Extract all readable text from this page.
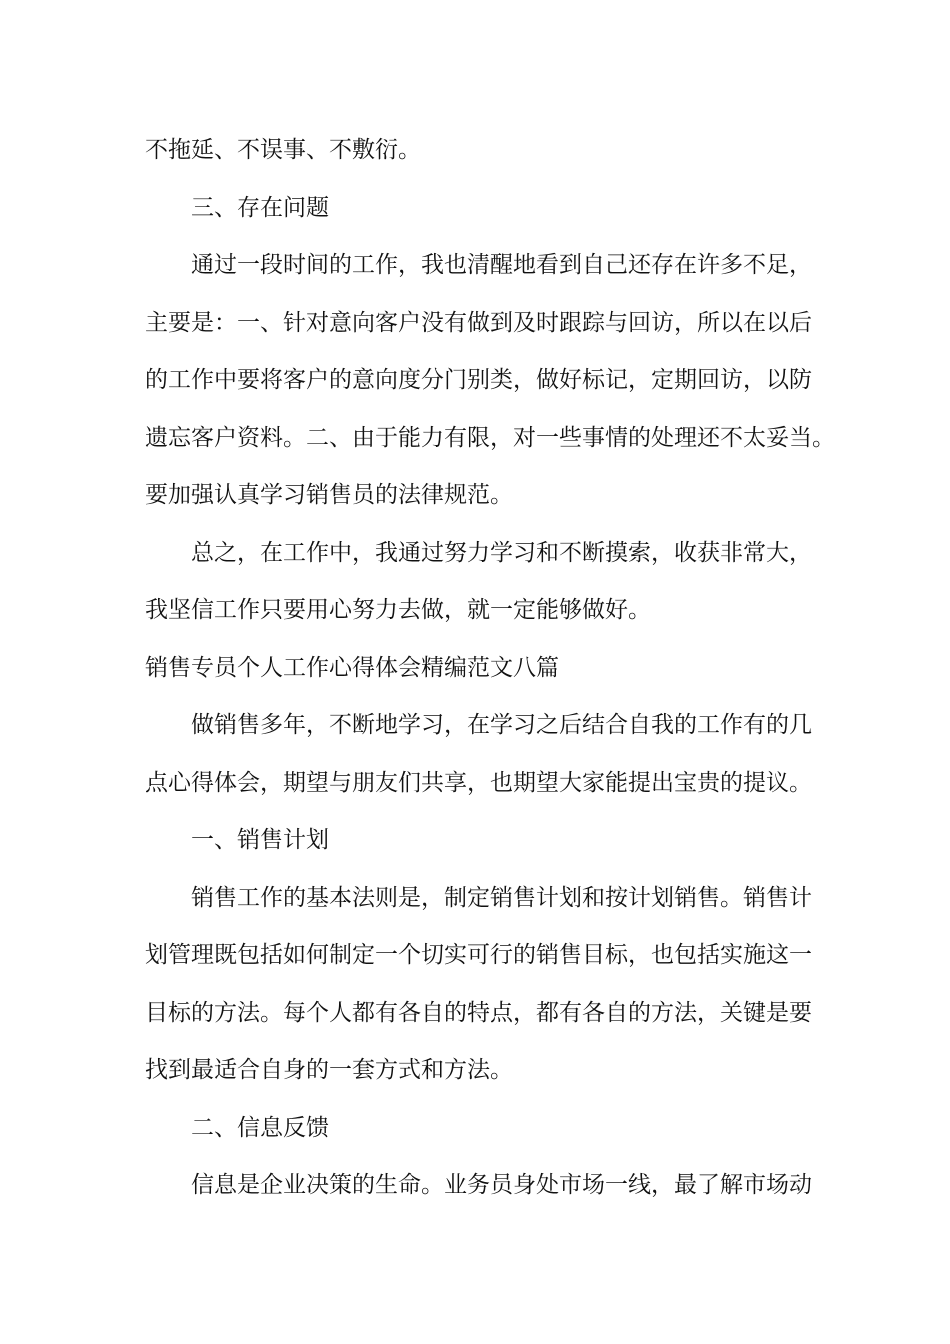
不拖延、不误事、不敷衍。
三、存在问题
通过一段时间的工作，我也清醒地看到自己还存在许多不足，
主要是：一、针对意向客户没有做到及时跟踪与回访，所以在以后
的工作中要将客户的意向度分门别类，做好标记，定期回访，以防
遗忘客户资料。二、由于能力有限，对一些事情的处理还不太妥当。
要加强认真学习销售员的法律规范。
总之，在工作中，我通过努力学习和不断摸索，收获非常大，
我坚信工作只要用心努力去做，就一定能够做好。
销售专员个人工作心得体会精编范文八篇
做销售多年，不断地学习，在学习之后结合自我的工作有的几
点心得体会，期望与朋友们共享，也期望大家能提出宝贵的提议。
一、销售计划
销售工作的基本法则是，制定销售计划和按计划销售。销售计
划管理既包括如何制定一个切实可行的销售目标，也包括实施这一
目标的方法。每个人都有各自的特点，都有各自的方法，关键是要
找到最适合自身的一套方式和方法。
二、信息反馈
信息是企业决策的生命。业务员身处市场一线，最了解市场动
